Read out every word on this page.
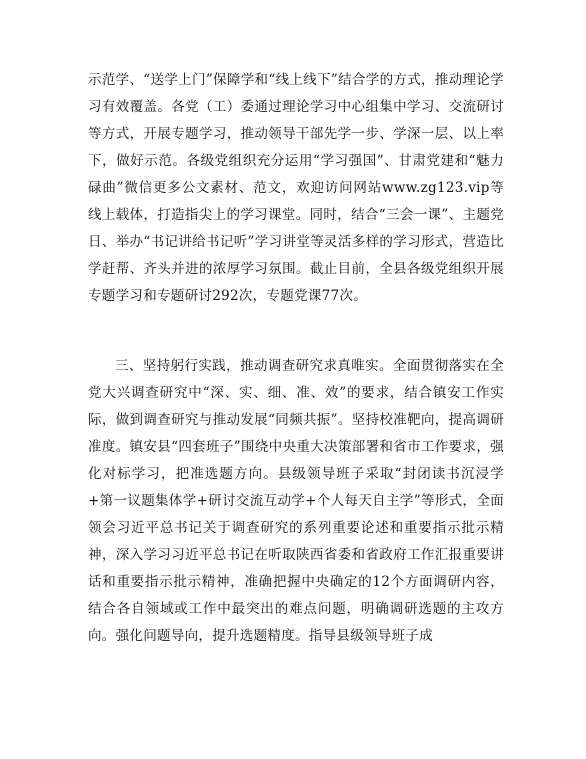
示范学、“送学上门”保障学和“线上线下”结合学的方式，推动理论学习有效覆盖。各党（工）委通过理论学习中心组集中学习、交流研讨等方式，开展专题学习，推动领导干部先学一步、学深一层、以上率下，做好示范。各级党组织充分运用“学习强国”、甘肃党建和“魅力碌曲”微信更多公文素材、范文，欢迎访问网站www.zg123.vip等线上载体，打造指尖上的学习课堂。同时，结合“三会一课”、主题党日、举办“书记讲给书记听”学习讲堂等灵活多样的学习形式，营造比学赶帮、齐头并进的浓厚学习氛围。截止目前，全县各级党组织开展专题学习和专题研讨292次，专题党课77次。

三、坚持躬行实践，推动调查研究求真唯实。全面贯彻落实在全党大兴调查研究中“深、实、细、准、效”的要求，结合镇安工作实际，做到调查研究与推动发展“同频共振”。坚持校准靶向，提高调研准度。镇安县“四套班子”围绕中央重大决策部署和省市工作要求，强化对标学习，把准选题方向。县级领导班子采取“封闭读书沉浸学+第一议题集体学+研讨交流互动学+个人每天自主学”等形式，全面领会习近平总书记关于调查研究的系列重要论述和重要指示批示精神，深入学习习近平总书记在听取陕西省委和省政府工作汇报重要讲话和重要指示批示精神，准确把握中央确定的12个方面调研内容，结合各自领域或工作中最突出的难点问题，明确调研选题的主攻方向。强化问题导向，提升选题精度。指导县级领导班子成
